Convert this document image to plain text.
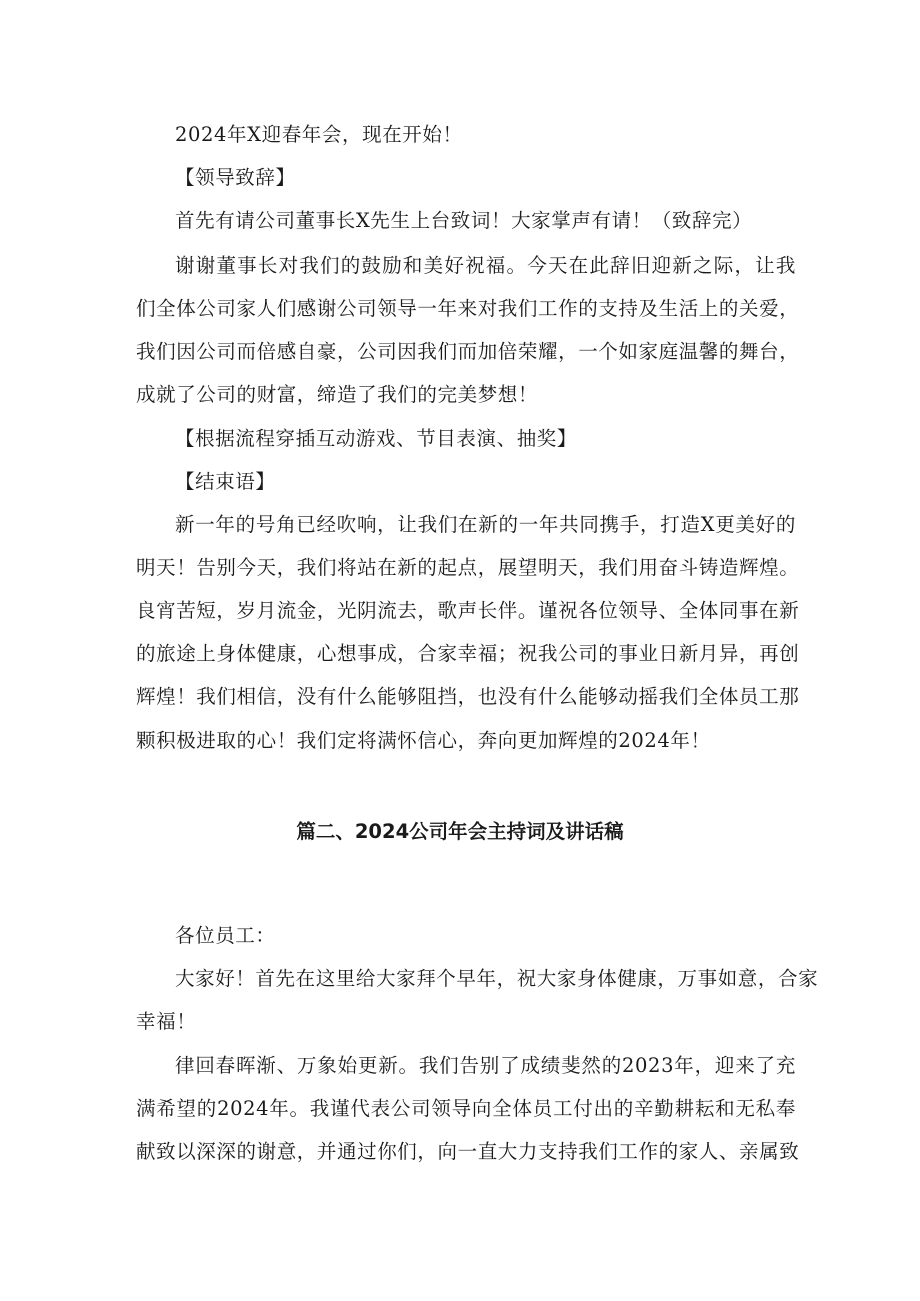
2024年X迎春年会，现在开始！
【领导致辞】
首先有请公司董事长X先生上台致词！大家掌声有请！（致辞完）
谢谢董事长对我们的鼓励和美好祝福。今天在此辞旧迎新之际，让我
们全体公司家人们感谢公司领导一年来对我们工作的支持及生活上的关爱，
我们因公司而倍感自豪，公司因我们而加倍荣耀，一个如家庭温馨的舞台，
成就了公司的财富，缔造了我们的完美梦想！
【根据流程穿插互动游戏、节目表演、抽奖】
【结束语】
新一年的号角已经吹响，让我们在新的一年共同携手，打造X更美好的
明天！告别今天，我们将站在新的起点，展望明天，我们用奋斗铸造辉煌。
良宵苦短，岁月流金，光阴流去，歌声长伴。谨祝各位领导、全体同事在新
的旅途上身体健康，心想事成，合家幸福；祝我公司的事业日新月异，再创
辉煌！我们相信，没有什么能够阻挡，也没有什么能够动摇我们全体员工那
颗积极进取的心！我们定将满怀信心，奔向更加辉煌的2024年！
篇二、2024公司年会主持词及讲话稿
各位员工：
大家好！首先在这里给大家拜个早年，祝大家身体健康，万事如意，合家
幸福！
律回春晖渐、万象始更新。我们告别了成绩斐然的2023年，迎来了充
满希望的2024年。我谨代表公司领导向全体员工付出的辛勤耕耘和无私奉
献致以深深的谢意，并通过你们，向一直大力支持我们工作的家人、亲属致
